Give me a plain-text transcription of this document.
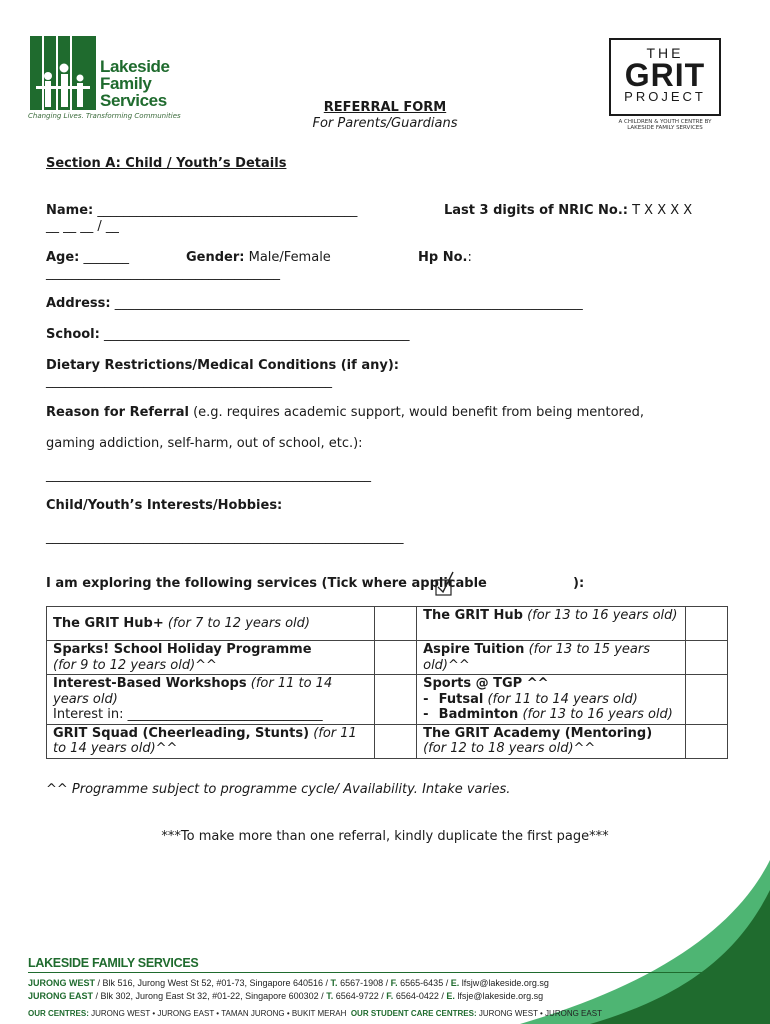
Lakeside
Family
Services
Changing Lives. Transforming Communities
THE
GRIT
PROJECT
A CHILDREN & YOUTH CENTRE BY LAKESIDE FAMILY SERVICES
REFERRAL FORM
For Parents/Guardians
Section A: Child / Youth’s Details
Name: ________________________________________	Last 3 digits of NRIC No.: T X X X X
__ __ __ / __
Age: _______	Gender: Male/Female	Hp No.:
____________________________________
Address: ________________________________________________________________________
School: _______________________________________________
Dietary Restrictions/Medical Conditions (if any):
____________________________________________
Reason for Referral (e.g. requires academic support, would benefit from being mentored,
gaming addiction, self-harm, out of school, etc.):
__________________________________________________
Child/Youth’s Interests/Hobbies:
_______________________________________________________
I am exploring the following services (Tick where applicable	):
The GRIT Hub+ (for 7 to 12 years old)		The GRIT Hub (for 13 to 16 years old)	
Sparks! School Holiday Programme
(for 9 to 12 years old)^^		Aspire Tuition (for 13 to 15 years old)^^	
Interest-Based Workshops (for 11 to 14 years old)
Interest in: ______________________________		Sports @ TGP ^^
- Futsal (for 11 to 14 years old)
- Badminton (for 13 to 16 years old)	
GRIT Squad (Cheerleading, Stunts) (for 11 to 14 years old)^^		The GRIT Academy (Mentoring)
(for 12 to 18 years old)^^	
^^ Programme subject to programme cycle/ Availability. Intake varies.
***To make more than one referral, kindly duplicate the first page***
LAKESIDE FAMILY SERVICES
JURONG WEST / Blk 516, Jurong West St 52, #01-73, Singapore 640516 / T. 6567-1908 / F. 6565-6435 / E. lfsjw@lakeside.org.sg
JURONG EAST / Blk 302, Jurong East St 32, #01-22, Singapore 600302 / T. 6564-9722 / F. 6564-0422 / E. lfsje@lakeside.org.sg
OUR CENTRES: JURONG WEST • JURONG EAST • TAMAN JURONG • BUKIT MERAH OUR STUDENT CARE CENTRES: JURONG WEST • JURONG EAST
